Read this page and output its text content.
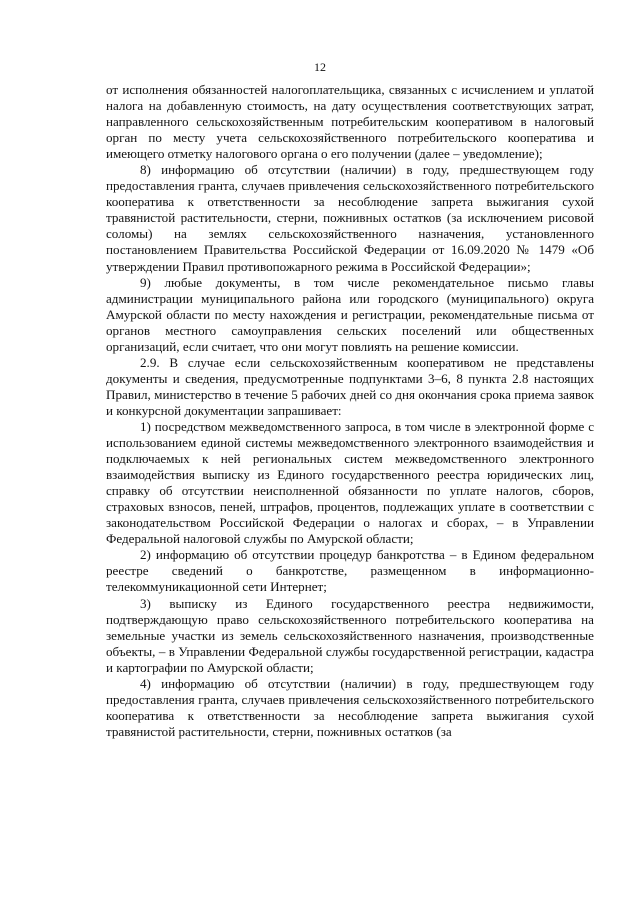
12

от исполнения обязанностей налогоплательщика, связанных с исчислением и уплатой налога на добавленную стоимость, на дату осуществления соответствующих затрат, направленного сельскохозяйственным потребительским кооперативом в налоговый орган по месту учета сельскохозяйственного потребительского кооператива и имеющего отметку налогового органа о его получении (далее – уведомление);

8) информацию об отсутствии (наличии) в году, предшествующем году предоставления гранта, случаев привлечения сельскохозяйственного потребительского кооператива к ответственности за несоблюдение запрета выжигания сухой травянистой растительности, стерни, пожнивных остатков (за исключением рисовой соломы) на землях сельскохозяйственного назначения, установленного постановлением Правительства Российской Федерации от 16.09.2020 № 1479 «Об утверждении Правил противопожарного режима в Российской Федерации»;

9) любые документы, в том числе рекомендательное письмо главы администрации муниципального района или городского (муниципального) округа Амурской области по месту нахождения и регистрации, рекомендательные письма от органов местного самоуправления сельских поселений или общественных организаций, если считает, что они могут повлиять на решение комиссии.

2.9. В случае если сельскохозяйственным кооперативом не представлены документы и сведения, предусмотренные подпунктами 3–6, 8 пункта 2.8 настоящих Правил, министерство в течение 5 рабочих дней со дня окончания срока приема заявок и конкурсной документации запрашивает:

1) посредством межведомственного запроса, в том числе в электронной форме с использованием единой системы межведомственного электронного взаимодействия и подключаемых к ней региональных систем межведомственного электронного взаимодействия выписку из Единого государственного реестра юридических лиц, справку об отсутствии неисполненной обязанности по уплате налогов, сборов, страховых взносов, пеней, штрафов, процентов, подлежащих уплате в соответствии с законодательством Российской Федерации о налогах и сборах, – в Управлении Федеральной налоговой службы по Амурской области;

2) информацию об отсутствии процедур банкротства – в Едином федеральном реестре сведений о банкротстве, размещенном в информационно-телекоммуникационной сети Интернет;

3) выписку из Единого государственного реестра недвижимости, подтверждающую право сельскохозяйственного потребительского кооператива на земельные участки из земель сельскохозяйственного назначения, производственные объекты, – в Управлении Федеральной службы государственной регистрации, кадастра и картографии по Амурской области;

4) информацию об отсутствии (наличии) в году, предшествующем году предоставления гранта, случаев привлечения сельскохозяйственного потребительского кооператива к ответственности за несоблюдение запрета выжигания сухой травянистой растительности, стерни, пожнивных остатков (за
